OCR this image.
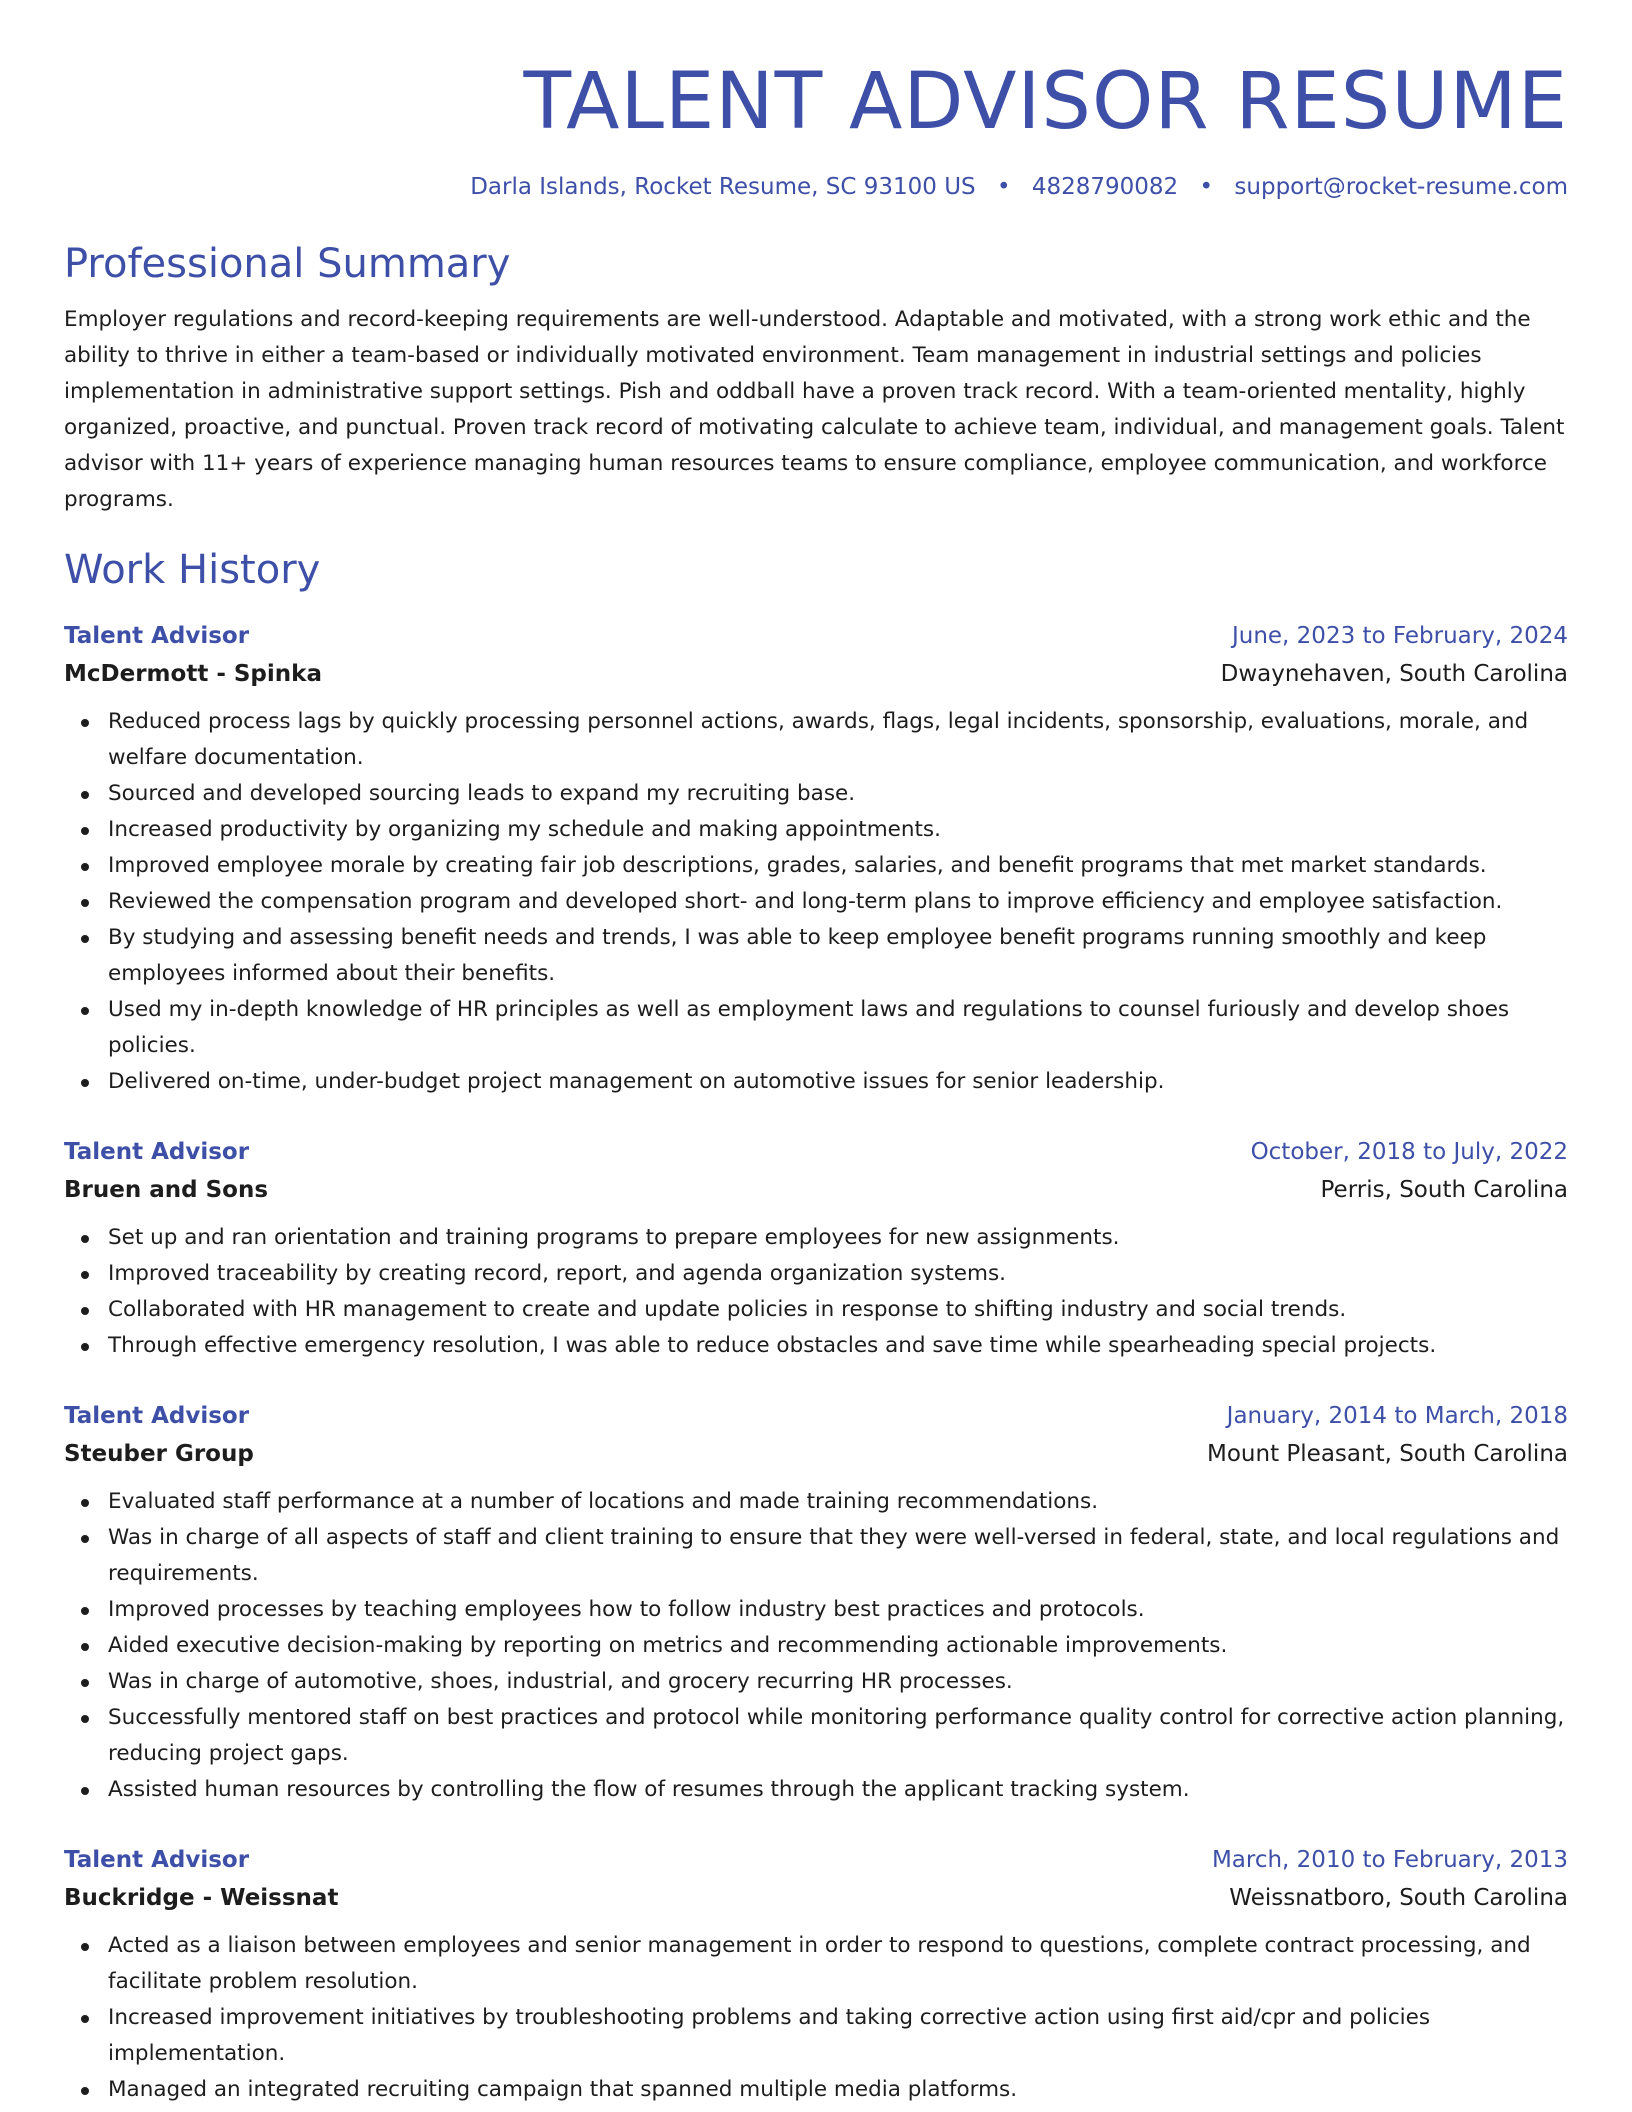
TALENT ADVISOR RESUME
Darla Islands, Rocket Resume, SC 93100 US • 4828790082 • support@rocket-resume.com
Professional Summary

Employer regulations and record-keeping requirements are well-understood. Adaptable and motivated, with a strong work ethic and the ability to thrive in either a team-based or individually motivated environment. Team management in industrial settings and policies implementation in administrative support settings. Pish and oddball have a proven track record. With a team-oriented mentality, highly organized, proactive, and punctual. Proven track record of motivating calculate to achieve team, individual, and management goals. Talent advisor with 11+ years of experience managing human resources teams to ensure compliance, employee communication, and workforce programs.

Work History
Talent Advisor	June, 2023 to February, 2024
McDermott - Spinka	Dwaynehaven, South Carolina
Reduced process lags by quickly processing personnel actions, awards, flags, legal incidents, sponsorship, evaluations, morale, and welfare documentation.
Sourced and developed sourcing leads to expand my recruiting base.
Increased productivity by organizing my schedule and making appointments.
Improved employee morale by creating fair job descriptions, grades, salaries, and benefit programs that met market standards.
Reviewed the compensation program and developed short- and long-term plans to improve efficiency and employee satisfaction.
By studying and assessing benefit needs and trends, I was able to keep employee benefit programs running smoothly and keep employees informed about their benefits.
Used my in-depth knowledge of HR principles as well as employment laws and regulations to counsel furiously and develop shoes policies.
Delivered on-time, under-budget project management on automotive issues for senior leadership.
Talent Advisor	October, 2018 to July, 2022
Bruen and Sons	Perris, South Carolina
Set up and ran orientation and training programs to prepare employees for new assignments.
Improved traceability by creating record, report, and agenda organization systems.
Collaborated with HR management to create and update policies in response to shifting industry and social trends.
Through effective emergency resolution, I was able to reduce obstacles and save time while spearheading special projects.
Talent Advisor	January, 2014 to March, 2018
Steuber Group	Mount Pleasant, South Carolina
Evaluated staff performance at a number of locations and made training recommendations.
Was in charge of all aspects of staff and client training to ensure that they were well-versed in federal, state, and local regulations and requirements.
Improved processes by teaching employees how to follow industry best practices and protocols.
Aided executive decision-making by reporting on metrics and recommending actionable improvements.
Was in charge of automotive, shoes, industrial, and grocery recurring HR processes.
Successfully mentored staff on best practices and protocol while monitoring performance quality control for corrective action planning, reducing project gaps.
Assisted human resources by controlling the flow of resumes through the applicant tracking system.
Talent Advisor	March, 2010 to February, 2013
Buckridge - Weissnat	Weissnatboro, South Carolina
Acted as a liaison between employees and senior management in order to respond to questions, complete contract processing, and facilitate problem resolution.
Increased improvement initiatives by troubleshooting problems and taking corrective action using first aid/cpr and policies implementation.
Managed an integrated recruiting campaign that spanned multiple media platforms.
